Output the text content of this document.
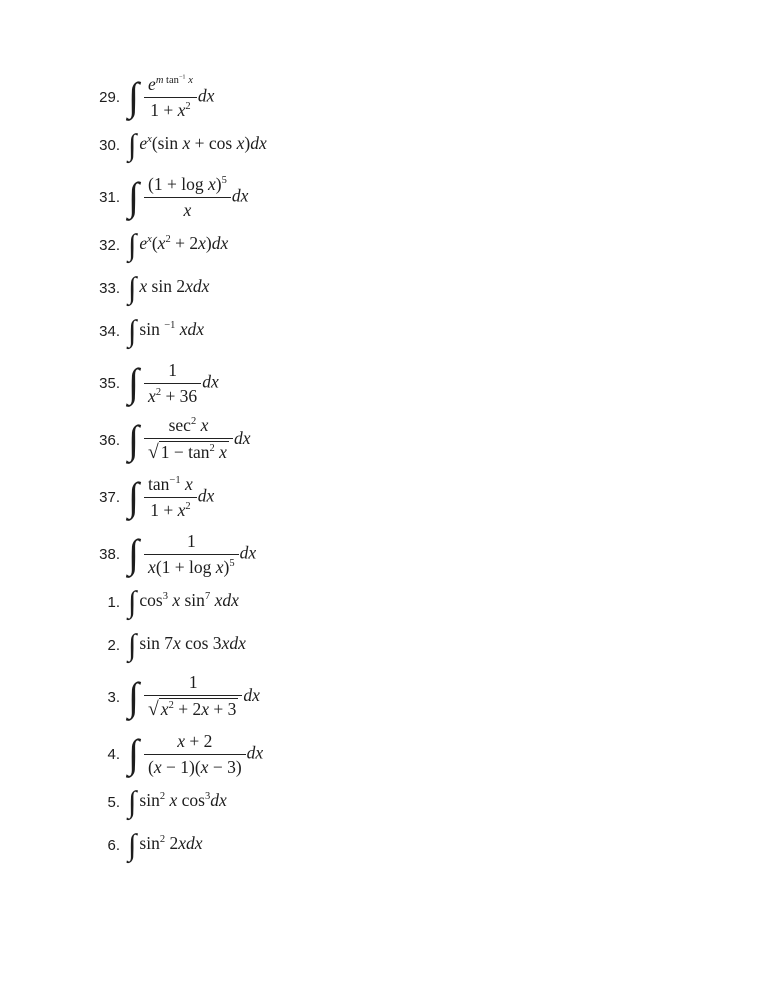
29. ∫ $\frac{e^{m tan^{-1} x}}{1 + x^2}$ dx
30. ∫ $e^x(\sin$ x + cos x)dx
31. ∫ $\frac{(1 + \log x)^5}{x}$ dx
32. ∫ $e^x(x^2 + 2x)dx$
33. ∫ x sin 2xdx
34. ∫ sin $^{-1}$ xdx
35. ∫ $\frac{1}{x^2 + 36}$ dx
36. ∫ $\frac{\sec^2 x}{√ 1 - \tan^2 x}$ dx
37. ∫ $\frac{\tan^{-1} x}{1 + x^2}$ dx
38. ∫ $\frac{1}{x(1 + \log x)^5}$ dx
1. ∫ $\cos^3 x$ $\sin^7$ xdx
2. ∫ sin 7x cos 3xdx
3. ∫ $\frac{1}{√ x^2 + 2x + 3}$ dx
4. ∫ $\frac{x + 2}{(x - 1)(x - 3)}$ dx
5. ∫ $\sin^2 x$ $\cos^3dx$
6. ∫ $\sin^2 2xdx$
